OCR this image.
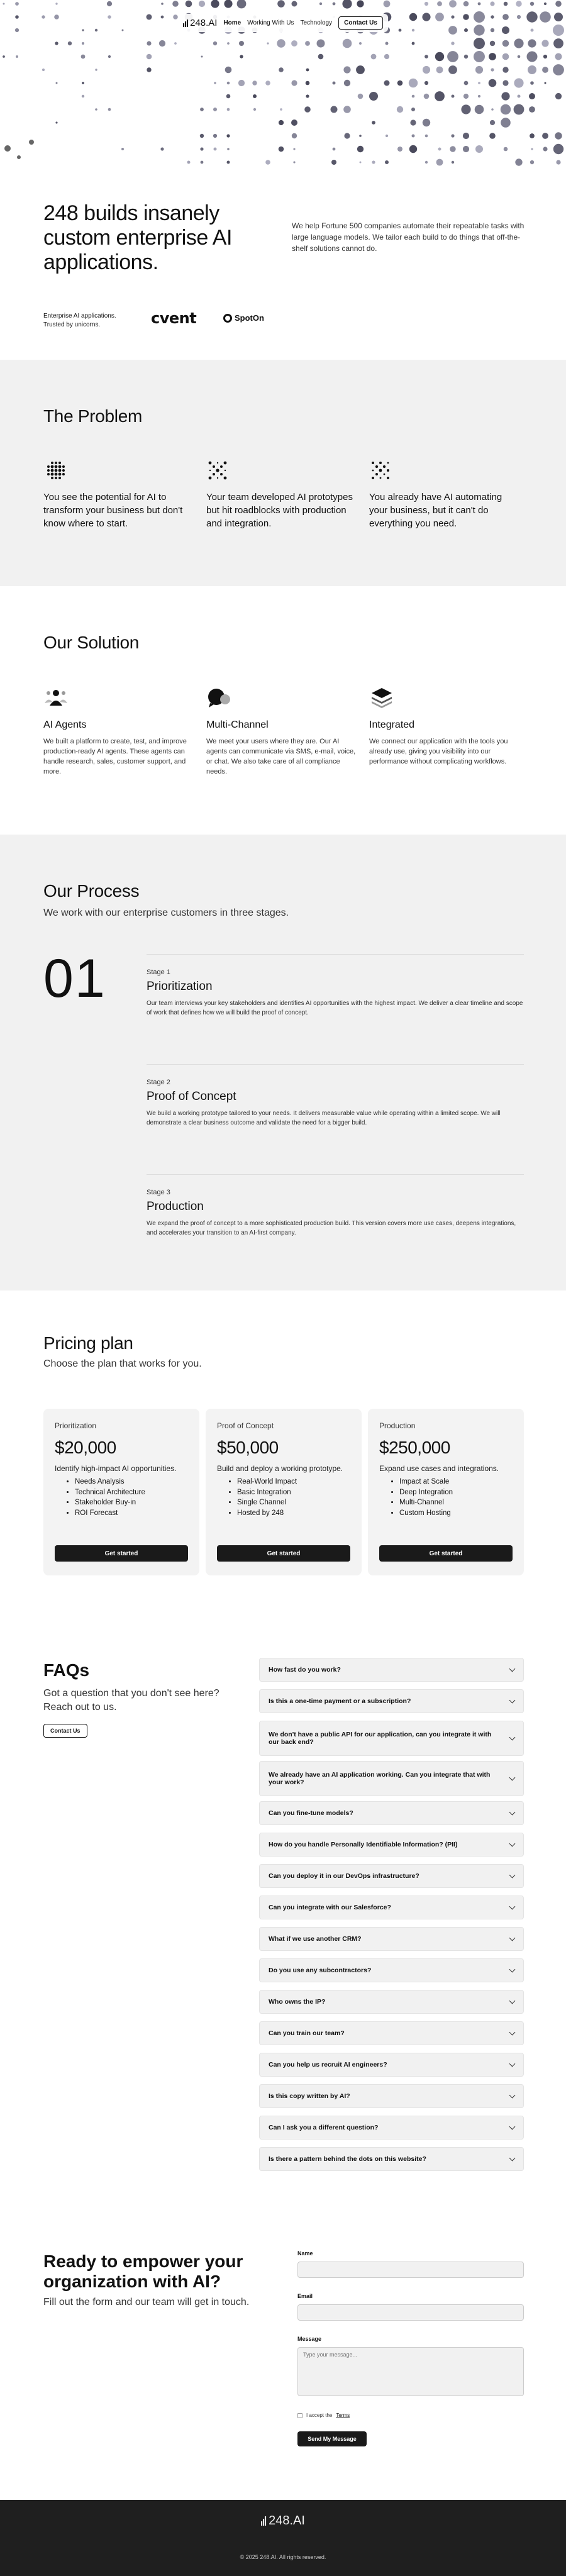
248.AI Home Working With Us Technology	Contact Us
248 builds insanely custom enterprise AI applications.

We help Fortune 500 companies automate their repeatable tasks with large language models. We tailor each build to do things that off-the-shelf solutions cannot do.

Enterprise AI applications. Trusted by unicorns.	cvent	SpotOn
The Problem

You see the potential for AI to transform your business but don't know where to start.

Your team developed AI prototypes but hit roadblocks with production and integration.

You already have AI automating your business, but it can't do everything you need.

Our Solution
AI Agents

We built a platform to create, test, and improve production-ready AI agents. These agents can handle research, sales, customer support, and more.

Multi-Channel

We meet your users where they are. Our AI agents can communicate via SMS, e-mail, voice, or chat. We also take care of all compliance needs.

Integrated

We connect our application with the tools you already use, giving you visibility into our performance without complicating workflows.

Our Process

We work with our enterprise customers in three stages.

01	Stage 1
Prioritization

Our team interviews your key stakeholders and identifies AI opportunities with the highest impact. We deliver a clear timeline and scope of work that defines how we will build the proof of concept.

Stage 2
Proof of Concept

We build a working prototype tailored to your needs. It delivers measurable value while operating within a limited scope. We will demonstrate a clear business outcome and validate the need for a bigger build.

Stage 3
Production

We expand the proof of concept to a more sophisticated production build. This version covers more use cases, deepens integrations, and accelerates your transition to an AI-first company.

Pricing plan

Choose the plan that works for you.

Prioritization
$20,000
Identify high-impact AI opportunities.
• Needs Analysis
• Technical Architecture
• Stakeholder Buy-in
• ROI Forecast
Get started
Proof of Concept
$50,000
Build and deploy a working prototype.
• Real-World Impact
• Basic Integration
• Single Channel
• Hosted by 248
Get started
Production
$250,000
Expand use cases and integrations.
• Impact at Scale
• Deep Integration
• Multi-Channel
• Custom Hosting
Get started
FAQs

Got a question that you don't see here? Reach out to us.

Contact Us
How fast do you work?
Is this a one-time payment or a subscription?
We don't have a public API for our application, can you integrate it with our back end?
We already have an AI application working. Can you integrate that with your work?
Can you fine-tune models?
How do you handle Personally Identifiable Information? (PII)
Can you deploy it in our DevOps infrastructure?
Can you integrate with our Salesforce?
What if we use another CRM?
Do you use any subcontractors?
Who owns the IP?
Can you train our team?
Can you help us recruit AI engineers?
Is this copy written by AI?
Can I ask you a different question?
Is there a pattern behind the dots on this website?
Ready to empower your organization with AI?

Fill out the form and our team will get in touch.

Name
Email
Message
Type your message...
I accept the Terms
Send My Message
248.AI
© 2025 248.AI. All rights reserved.
